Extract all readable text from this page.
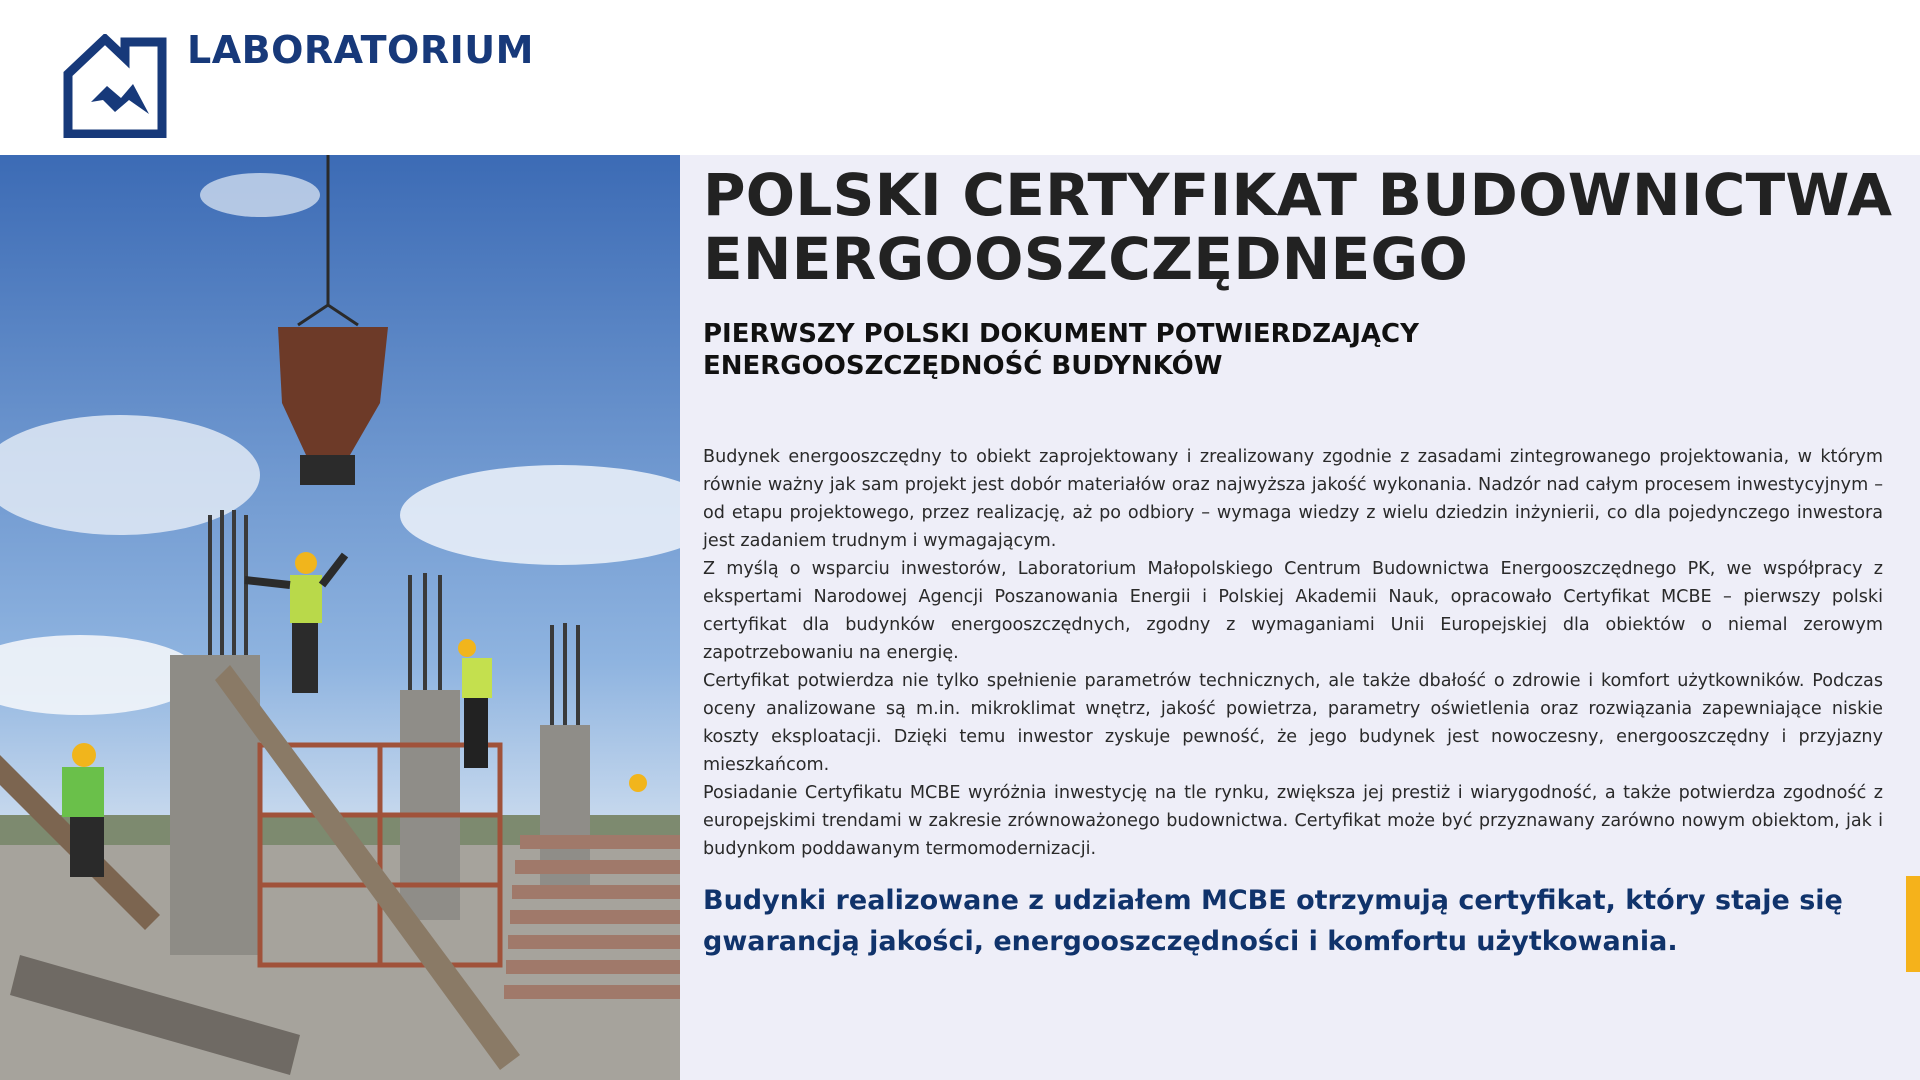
LABORATORIUM
POLSKI CERTYFIKAT BUDOWNICTWA ENERGOOSZCZĘDNEGO
PIERWSZY POLSKI DOKUMENT POTWIERDZAJĄCY ENERGOOSZCZĘDNOŚĆ BUDYNKÓW

Budynek energooszczędny to obiekt zaprojektowany i zrealizowany zgodnie z zasadami zintegrowanego projektowania, w którym równie ważny jak sam projekt jest dobór materiałów oraz najwyższa jakość wykonania. Nadzór nad całym procesem inwestycyjnym – od etapu projektowego, przez realizację, aż po odbiory – wymaga wiedzy z wielu dziedzin inżynierii, co dla pojedynczego inwestora jest zadaniem trudnym i wymagającym.

Z myślą o wsparciu inwestorów, Laboratorium Małopolskiego Centrum Budownictwa Energooszczędnego PK, we współpracy z ekspertami Narodowej Agencji Poszanowania Energii i Polskiej Akademii Nauk, opracowało Certyfikat MCBE – pierwszy polski certyfikat dla budynków energooszczędnych, zgodny z wymaganiami Unii Europejskiej dla obiektów o niemal zerowym zapotrzebowaniu na energię.

Certyfikat potwierdza nie tylko spełnienie parametrów technicznych, ale także dbałość o zdrowie i komfort użytkowników. Podczas oceny analizowane są m.in. mikroklimat wnętrz, jakość powietrza, parametry oświetlenia oraz rozwiązania zapewniające niskie koszty eksploatacji. Dzięki temu inwestor zyskuje pewność, że jego budynek jest nowoczesny, energooszczędny i przyjazny mieszkańcom.

Posiadanie Certyfikatu MCBE wyróżnia inwestycję na tle rynku, zwiększa jej prestiż i wiarygodność, a także potwierdza zgodność z europejskimi trendami w zakresie zrównoważonego budownictwa. Certyfikat może być przyznawany zarówno nowym obiektom, jak i budynkom poddawanym termomodernizacji.

Budynki realizowane z udziałem MCBE otrzymują certyfikat, który staje się gwarancją jakości, energooszczędności i komfortu użytkowania.
